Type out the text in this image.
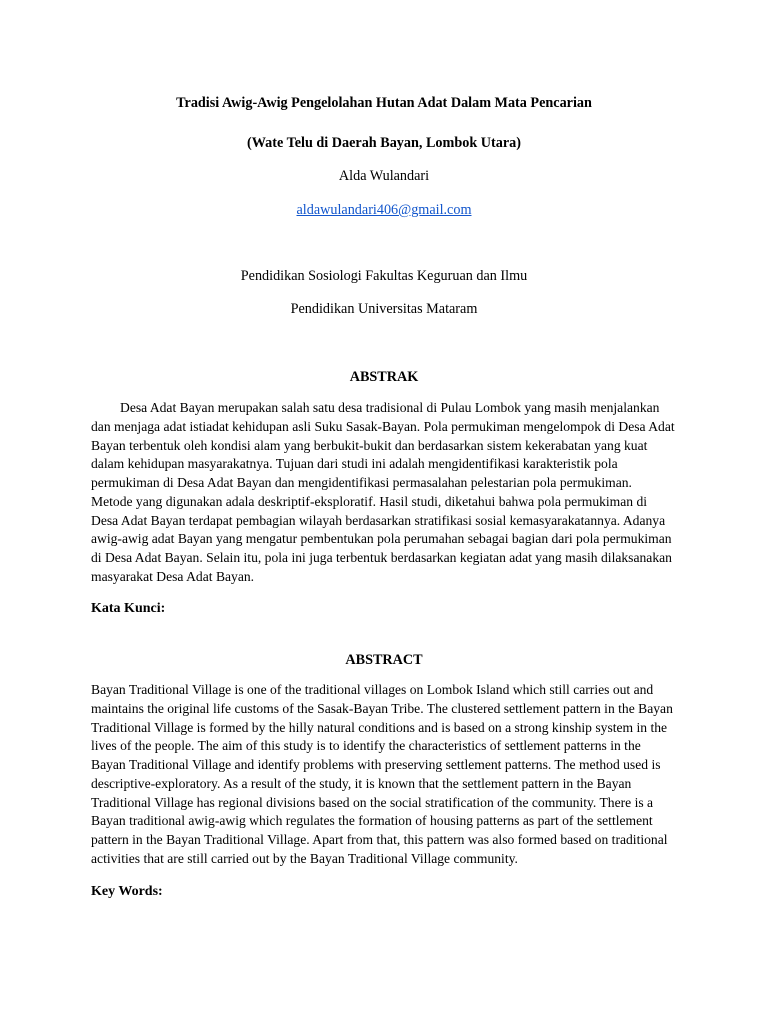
Tradisi Awig-Awig Pengelolahan Hutan Adat Dalam Mata Pencarian
(Wate Telu di Daerah Bayan, Lombok Utara)
Alda Wulandari
aldawulandari406@gmail.com
Pendidikan Sosiologi Fakultas Keguruan dan Ilmu
Pendidikan Universitas Mataram
ABSTRAK
Desa Adat Bayan merupakan salah satu desa tradisional di Pulau Lombok yang masih menjalankan dan menjaga adat istiadat kehidupan asli Suku Sasak-Bayan. Pola permukiman mengelompok di Desa Adat Bayan terbentuk oleh kondisi alam yang berbukit-bukit dan berdasarkan sistem kekerabatan yang kuat dalam kehidupan masyarakatnya. Tujuan dari studi ini adalah mengidentifikasi karakteristik pola permukiman di Desa Adat Bayan dan mengidentifikasi permasalahan pelestarian pola permukiman. Metode yang digunakan adala deskriptif-eksploratif. Hasil studi, diketahui bahwa pola permukiman di Desa Adat Bayan terdapat pembagian wilayah berdasarkan stratifikasi sosial kemasyarakatannya. Adanya awig-awig adat Bayan yang mengatur pembentukan pola perumahan sebagai bagian dari pola permukiman di Desa Adat Bayan. Selain itu, pola ini juga terbentuk berdasarkan kegiatan adat yang masih dilaksanakan masyarakat Desa Adat Bayan.
Kata Kunci:
ABSTRACT
Bayan Traditional Village is one of the traditional villages on Lombok Island which still carries out and maintains the original life customs of the Sasak-Bayan Tribe. The clustered settlement pattern in the Bayan Traditional Village is formed by the hilly natural conditions and is based on a strong kinship system in the lives of the people. The aim of this study is to identify the characteristics of settlement patterns in the Bayan Traditional Village and identify problems with preserving settlement patterns. The method used is descriptive-exploratory. As a result of the study, it is known that the settlement pattern in the Bayan Traditional Village has regional divisions based on the social stratification of the community. There is a Bayan traditional awig-awig which regulates the formation of housing patterns as part of the settlement pattern in the Bayan Traditional Village. Apart from that, this pattern was also formed based on traditional activities that are still carried out by the Bayan Traditional Village community.
Key Words:
